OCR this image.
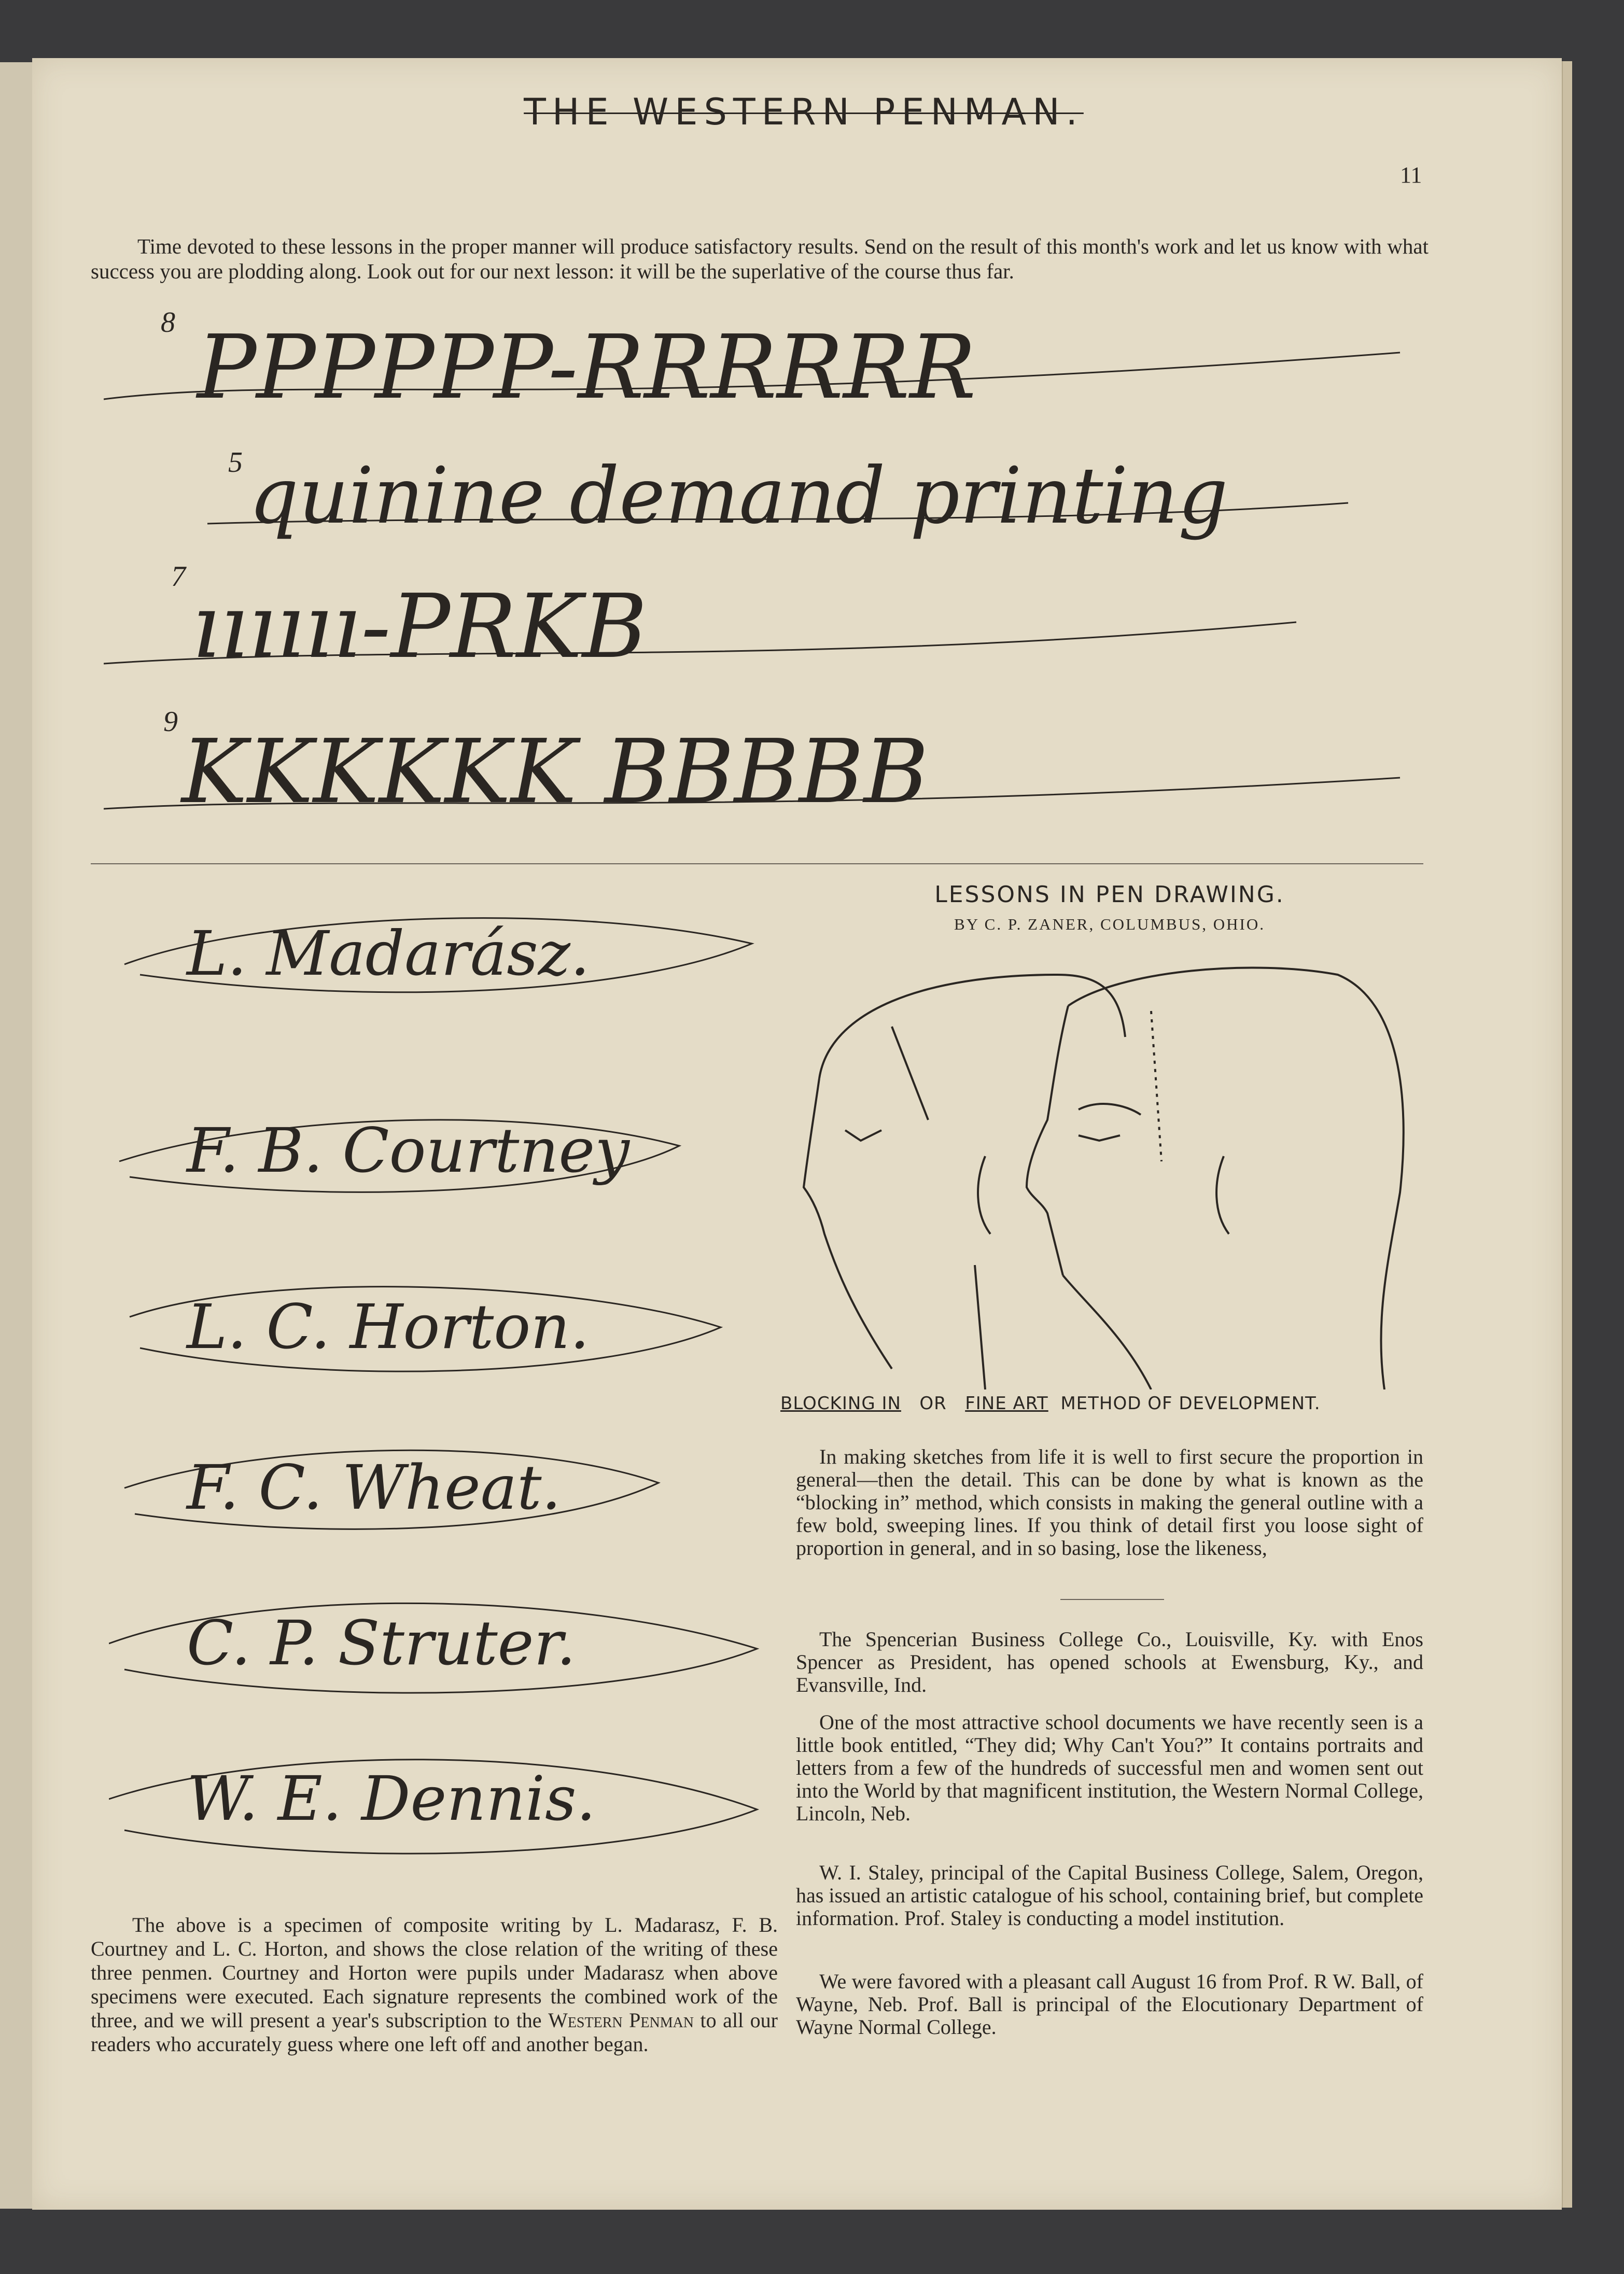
THE WESTERN PENMAN.
11

Time devoted to these lessons in the proper manner will produce satisfactory results. Send on the result of this month's work and let us know with what success you are plodding along. Look out for our next lesson: it will be the superlative of the course thus far.

8 PPPPPP-RRRRRR
5 quinine demand printing
7 ıııııı-PRKB
9 KKKKKK BBBBB
L. Madarász.
F. B. Courtney
L. C. Horton.
F. C. Wheat.
C. P. Struter.
W. E. Dennis.

The above is a specimen of composite writing by L. Madarasz, F. B. Courtney and L. C. Horton, and shows the close relation of the writing of these three penmen. Courtney and Horton were pupils under Madarasz when above specimens were executed. Each signature represents the combined work of the three, and we will present a year's subscription to the Western Penman to all our readers who accurately guess where one left off and another began.

LESSONS IN PEN DRAWING.
BY C. P. ZANER, COLUMBUS, OHIO.
BLOCKING IN OR FINE ART METHOD OF DEVELOPMENT.

In making sketches from life it is well to first secure the proportion in general—then the detail. This can be done by what is known as the “blocking in” method, which consists in making the general outline with a few bold, sweeping lines. If you think of detail first you loose sight of proportion in general, and in so basing, lose the likeness,

The Spencerian Business College Co., Louisville, Ky. with Enos Spencer as President, has opened schools at Ewensburg, Ky., and Evansville, Ind.

One of the most attractive school documents we have recently seen is a little book entitled, “They did; Why Can't You?” It contains portraits and letters from a few of the hundreds of successful men and women sent out into the World by that magnificent institution, the Western Normal College, Lincoln, Neb.

W. I. Staley, principal of the Capital Business College, Salem, Oregon, has issued an artistic catalogue of his school, containing brief, but complete information. Prof. Staley is conducting a model institution.

We were favored with a pleasant call August 16 from Prof. R W. Ball, of Wayne, Neb. Prof. Ball is principal of the Elocutionary Department of Wayne Normal College.
